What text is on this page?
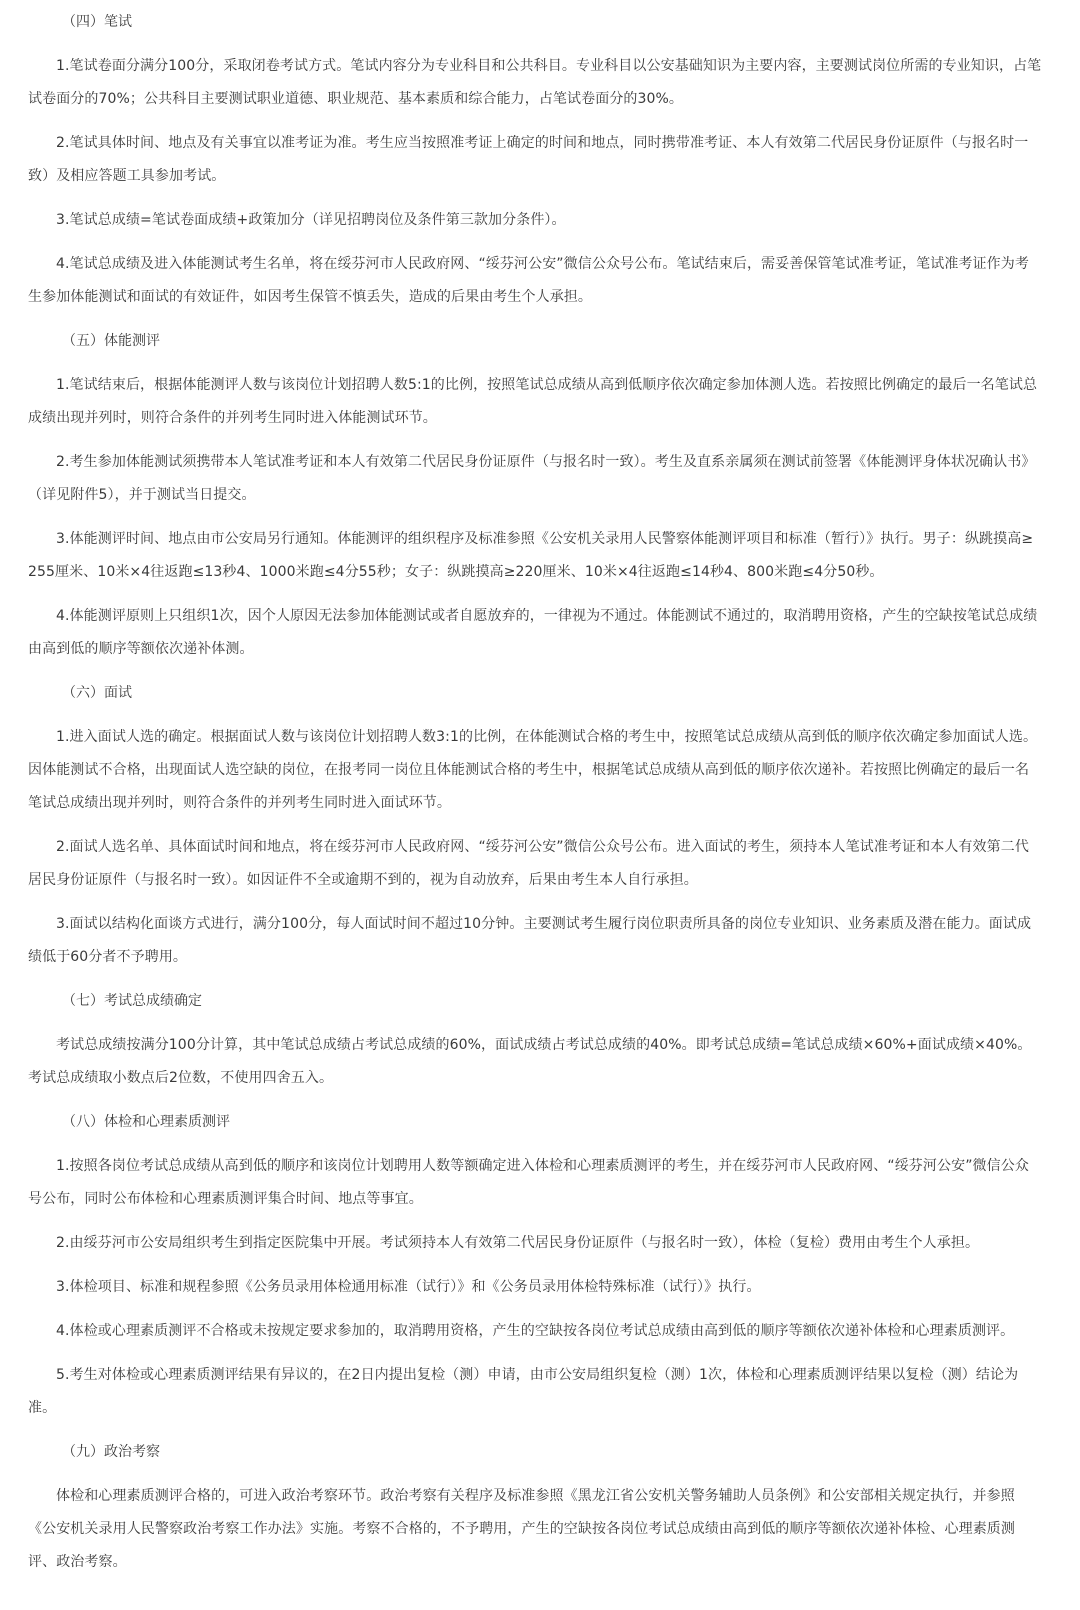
（四）笔试

1.笔试卷面分满分100分，采取闭卷考试方式。笔试内容分为专业科目和公共科目。专业科目以公安基础知识为主要内容，主要测试岗位所需的专业知识，占笔试卷面分的70%；公共科目主要测试职业道德、职业规范、基本素质和综合能力，占笔试卷面分的30%。

2.笔试具体时间、地点及有关事宜以准考证为准。考生应当按照准考证上确定的时间和地点，同时携带准考证、本人有效第二代居民身份证原件（与报名时一致）及相应答题工具参加考试。

3.笔试总成绩=笔试卷面成绩+政策加分（详见招聘岗位及条件第三款加分条件）。

4.笔试总成绩及进入体能测试考生名单，将在绥芬河市人民政府网、“绥芬河公安”微信公众号公布。笔试结束后，需妥善保管笔试准考证，笔试准考证作为考生参加体能测试和面试的有效证件，如因考生保管不慎丢失，造成的后果由考生个人承担。

（五）体能测评

1.笔试结束后，根据体能测评人数与该岗位计划招聘人数5:1的比例，按照笔试总成绩从高到低顺序依次确定参加体测人选。若按照比例确定的最后一名笔试总成绩出现并列时，则符合条件的并列考生同时进入体能测试环节。

2.考生参加体能测试须携带本人笔试准考证和本人有效第二代居民身份证原件（与报名时一致）。考生及直系亲属须在测试前签署《体能测评身体状况确认书》（详见附件5），并于测试当日提交。

3.体能测评时间、地点由市公安局另行通知。体能测评的组织程序及标准参照《公安机关录用人民警察体能测评项目和标准（暂行）》执行。男子：纵跳摸高≥255厘米、10米×4往返跑≤13秒4、1000米跑≤4分55秒；女子：纵跳摸高≥220厘米、10米×4往返跑≤14秒4、800米跑≤4分50秒。

4.体能测评原则上只组织1次，因个人原因无法参加体能测试或者自愿放弃的，一律视为不通过。体能测试不通过的，取消聘用资格，产生的空缺按笔试总成绩由高到低的顺序等额依次递补体测。

（六）面试

1.进入面试人选的确定。根据面试人数与该岗位计划招聘人数3:1的比例，在体能测试合格的考生中，按照笔试总成绩从高到低的顺序依次确定参加面试人选。因体能测试不合格，出现面试人选空缺的岗位，在报考同一岗位且体能测试合格的考生中，根据笔试总成绩从高到低的顺序依次递补。若按照比例确定的最后一名笔试总成绩出现并列时，则符合条件的并列考生同时进入面试环节。

2.面试人选名单、具体面试时间和地点，将在绥芬河市人民政府网、“绥芬河公安”微信公众号公布。进入面试的考生，须持本人笔试准考证和本人有效第二代居民身份证原件（与报名时一致）。如因证件不全或逾期不到的，视为自动放弃，后果由考生本人自行承担。

3.面试以结构化面谈方式进行，满分100分，每人面试时间不超过10分钟。主要测试考生履行岗位职责所具备的岗位专业知识、业务素质及潜在能力。面试成绩低于60分者不予聘用。

（七）考试总成绩确定

考试总成绩按满分100分计算，其中笔试总成绩占考试总成绩的60%，面试成绩占考试总成绩的40%。即考试总成绩=笔试总成绩×60%+面试成绩×40%。考试总成绩取小数点后2位数，不使用四舍五入。

（八）体检和心理素质测评

1.按照各岗位考试总成绩从高到低的顺序和该岗位计划聘用人数等额确定进入体检和心理素质测评的考生，并在绥芬河市人民政府网、“绥芬河公安”微信公众号公布，同时公布体检和心理素质测评集合时间、地点等事宜。

2.由绥芬河市公安局组织考生到指定医院集中开展。考试须持本人有效第二代居民身份证原件（与报名时一致），体检（复检）费用由考生个人承担。

3.体检项目、标准和规程参照《公务员录用体检通用标准（试行）》和《公务员录用体检特殊标准（试行）》执行。

4.体检或心理素质测评不合格或未按规定要求参加的，取消聘用资格，产生的空缺按各岗位考试总成绩由高到低的顺序等额依次递补体检和心理素质测评。

5.考生对体检或心理素质测评结果有异议的，在2日内提出复检（测）申请，由市公安局组织复检（测）1次，体检和心理素质测评结果以复检（测）结论为准。

（九）政治考察

体检和心理素质测评合格的，可进入政治考察环节。政治考察有关程序及标准参照《黑龙江省公安机关警务辅助人员条例》和公安部相关规定执行，并参照《公安机关录用人民警察政治考察工作办法》实施。考察不合格的，不予聘用，产生的空缺按各岗位考试总成绩由高到低的顺序等额依次递补体检、心理素质测评、政治考察。
